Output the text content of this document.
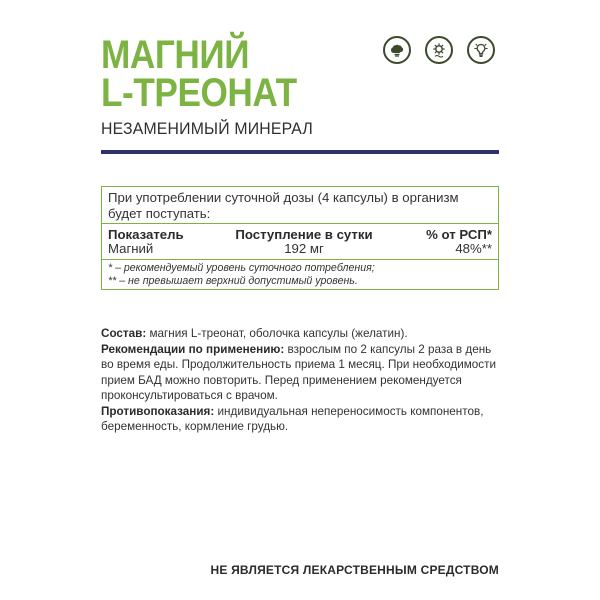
МАГНИЙ
L-ТРЕОНАТ
НЕЗАМЕНИМЫЙ МИНЕРАЛ
При употреблении суточной дозы (4 капсулы) в организм
будет поступать:
Показатель	Поступление в сутки	% от РСП*
Магний	192 мг	48%**
* – рекомендуемый уровень суточного потребления;
** – не превышает верхний допустимый уровень.

Состав: магния L-треонат, оболочка капсулы (желатин).

Рекомендации по применению: взрослым по 2 капсулы 2 раза в день во время еды. Продолжительность приема 1 месяц. При необходимости прием БАД можно повторить. Перед применением рекомендуется проконсультироваться с врачом.

Противопоказания: индивидуальная непереносимость компонентов, беременность, кормление грудью.

НЕ ЯВЛЯЕТСЯ ЛЕКАРСТВЕННЫМ СРЕДСТВОМ
